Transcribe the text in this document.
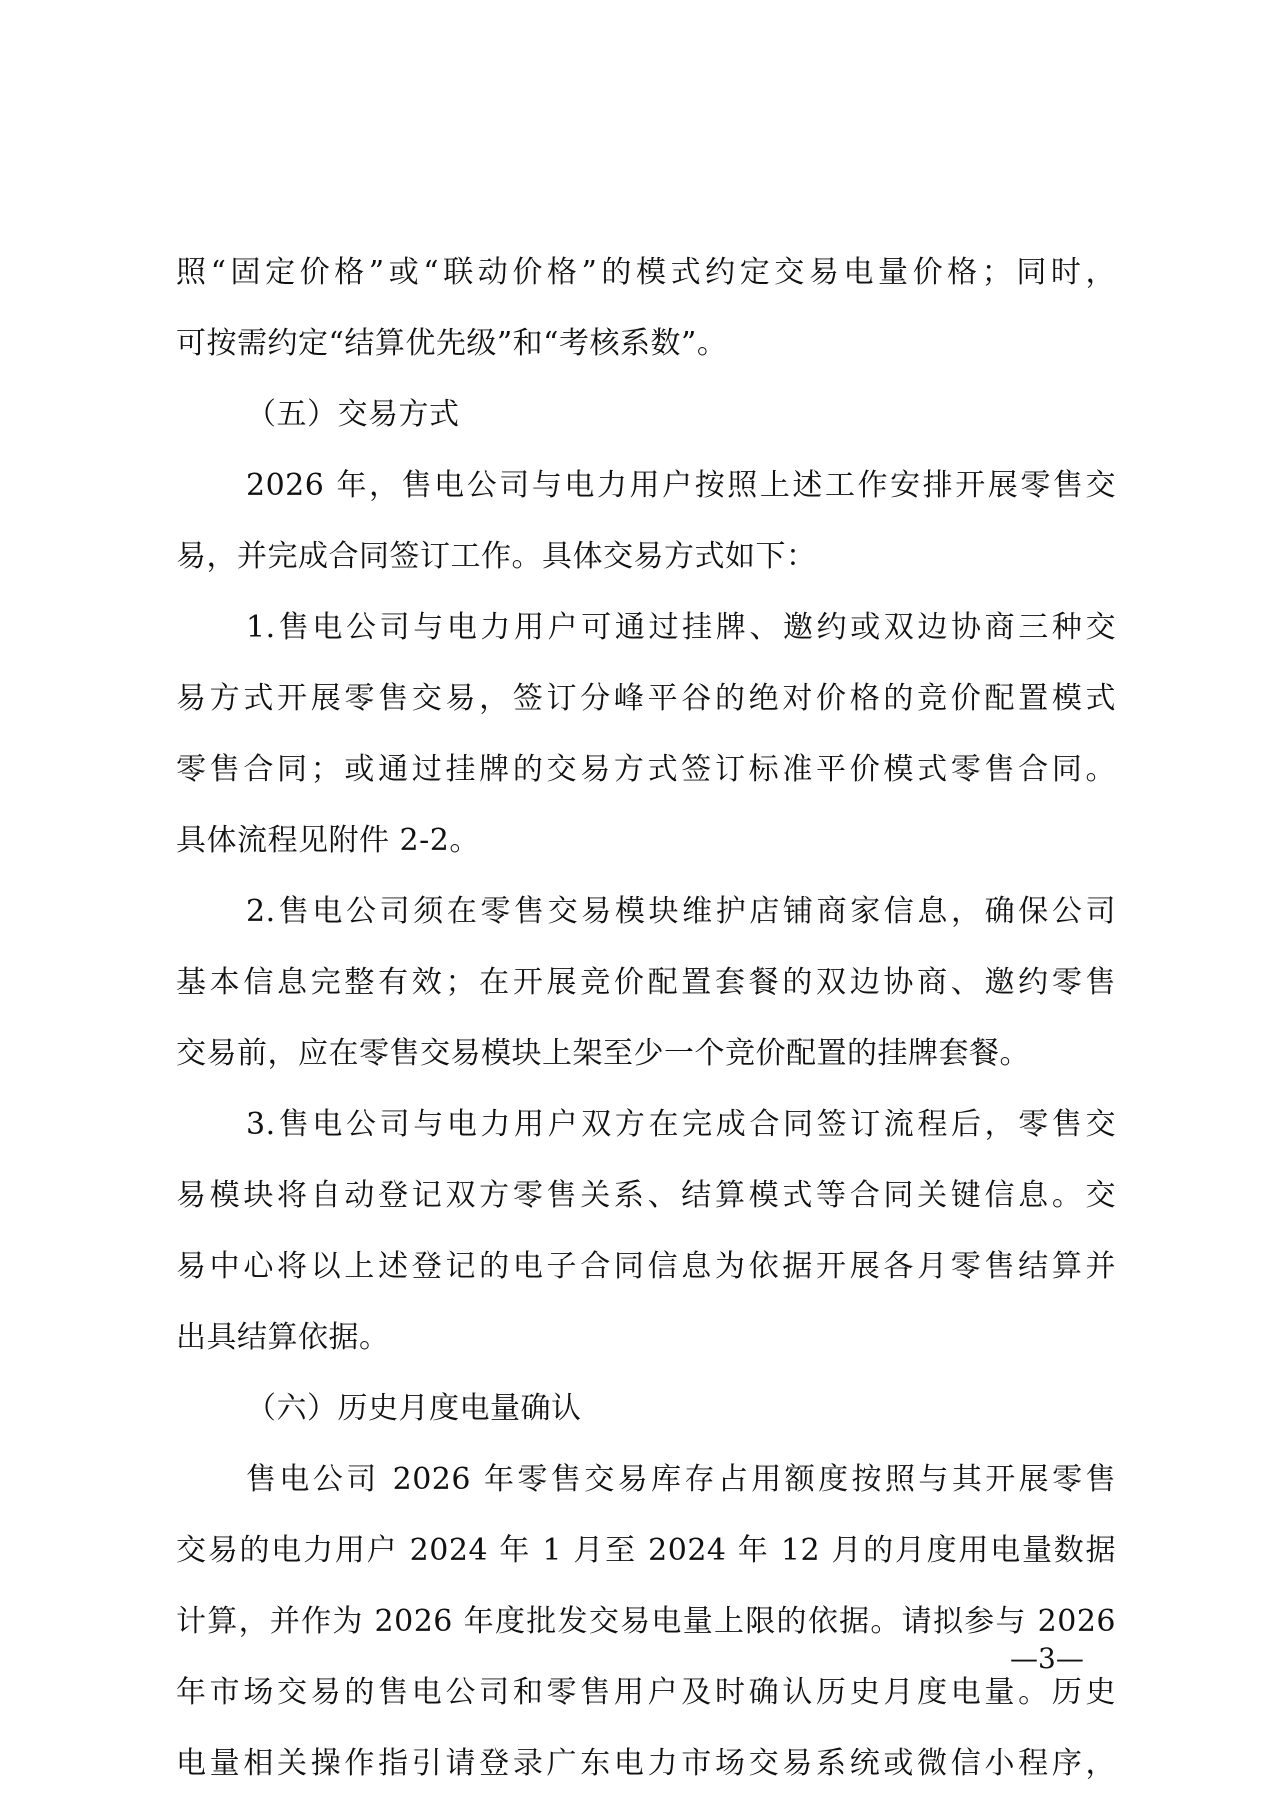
照“固定价格”或“联动价格”的模式约定交易电量价格；同时，
可按需约定“结算优先级”和“考核系数”。
（五）交易方式
2026 年，售电公司与电力用户按照上述工作安排开展零售交
易，并完成合同签订工作。具体交易方式如下：
1.售电公司与电力用户可通过挂牌、邀约或双边协商三种交
易方式开展零售交易，签订分峰平谷的绝对价格的竞价配置模式
零售合同；或通过挂牌的交易方式签订标准平价模式零售合同。
具体流程见附件 2-2。
2.售电公司须在零售交易模块维护店铺商家信息，确保公司
基本信息完整有效；在开展竞价配置套餐的双边协商、邀约零售
交易前，应在零售交易模块上架至少一个竞价配置的挂牌套餐。
3.售电公司与电力用户双方在完成合同签订流程后，零售交
易模块将自动登记双方零售关系、结算模式等合同关键信息。交
易中心将以上述登记的电子合同信息为依据开展各月零售结算并
出具结算依据。
（六）历史月度电量确认
售电公司 2026 年零售交易库存占用额度按照与其开展零售
交易的电力用户 2024 年 1 月至 2024 年 12 月的月度用电量数据
计算，并作为 2026 年度批发交易电量上限的依据。请拟参与 2026
年市场交易的售电公司和零售用户及时确认历史月度电量。历史
电量相关操作指引请登录广东电力市场交易系统或微信小程序，
—3—
